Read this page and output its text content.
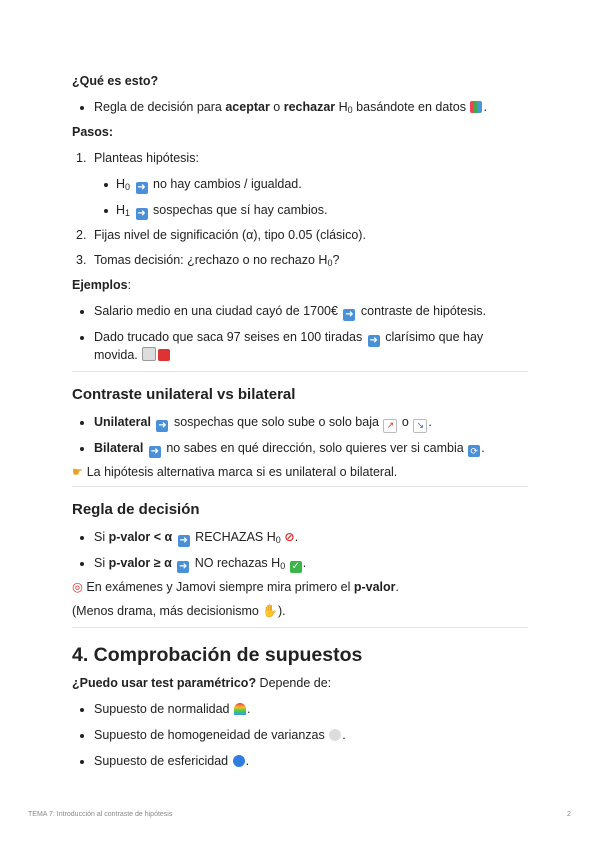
¿Qué es esto?
Regla de decisión para aceptar o rechazar $H_0$ basándote en datos .
Pasos:
1. Planteas hipótesis:
$H_0$ ➜ no hay cambios / igualdad.
$H_1$ ➜ sospechas que sí hay cambios.
2. Fijas nivel de significación (α), tipo 0.05 (clásico).
3. Tomas decisión: ¿rechazo o no rechazo $H_0$?
Ejemplos:
Salario medio en una ciudad cayó de 1700€ ➜ contraste de hipótesis.
Dado trucado que saca 97 seises en 100 tiradas ➜ clarísimo que hay
movida.
Contraste unilateral vs bilateral
Unilateral ➜ sospechas que solo sube o solo baja ↗ o ↘ .
Bilateral ➜ no sabes en qué dirección, solo quieres ver si cambia ⟳ .
☛ La hipótesis alternativa marca si es unilateral o bilateral.
Regla de decisión
Si p-valor < α ➜ RECHAZAS $H_0$ ⊘.
Si p-valor ≥ α ➜ NO rechazas $H_0$ ✓ .
◎ En exámenes y Jamovi siempre mira primero el p-valor.
(Menos drama, más decisionismo ✋).
4. Comprobación de supuestos
¿Puedo usar test paramétrico? Depende de:
Supuesto de normalidad .
Supuesto de homogeneidad de varianzas .
Supuesto de esfericidad .
TEMA 7: Introducción al contraste de hipótesis	2
